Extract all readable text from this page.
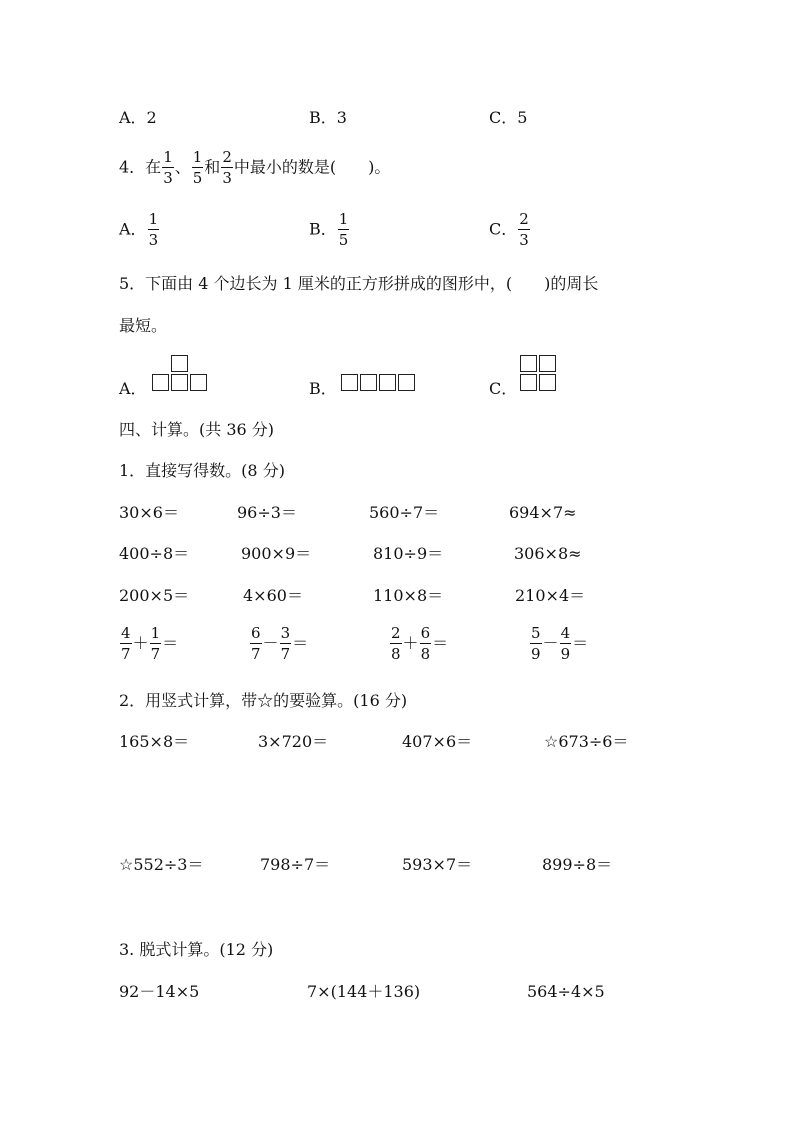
A．2	B．3	C．5
4．在 $\frac{1}{3}$ 、 $\frac{1}{5}$ 和 $\frac{2}{3}$ 中最小的数是(　　)。
A． $\frac{1}{3}$	B． $\frac{1}{5}$	C． $\frac{2}{3}$
5．下面由 4 个边长为 1 厘米的正方形拼成的图形中，(　　)的周长
最短。
A．	B．	C．
四、计算。(共 36 分)
1．直接写得数。(8 分)
30×6＝	96÷3＝	560÷7＝	694×7≈
400÷8＝	900×9＝	810÷9＝	306×8≈
200×5＝	4×60＝	110×8＝	210×4＝
$\frac{4}{7} + \frac{1}{7}$ ＝	$\frac{6}{7} - \frac{3}{7}$ ＝	$\frac{2}{8} + \frac{6}{8}$ ＝	$\frac{5}{9} - \frac{4}{9}$ ＝
2．用竖式计算，带☆的要验算。(16 分)
165×8＝	3×720＝	407×6＝	☆673÷6＝
☆552÷3＝	798÷7＝	593×7＝	899÷8＝
3. 脱式计算。(12 分)
92－14×5	7×(144＋136)	564÷4×5
